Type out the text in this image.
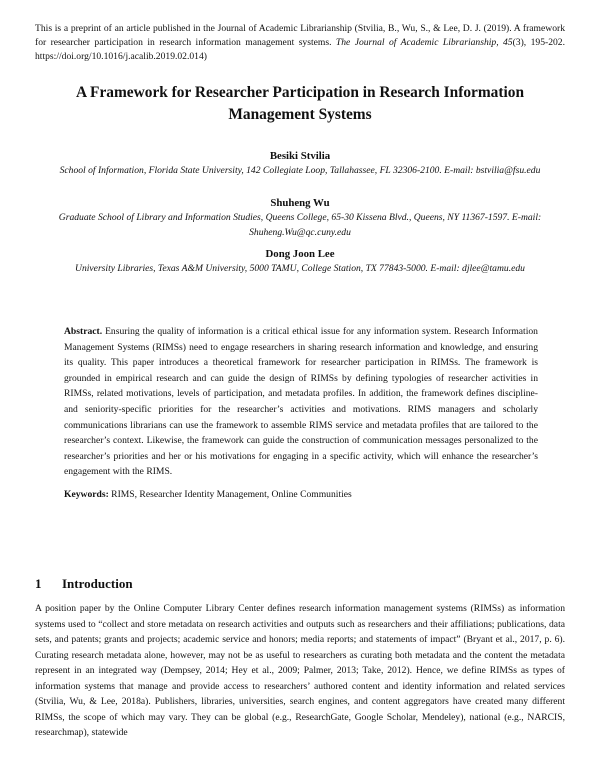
This is a preprint of an article published in the Journal of Academic Librarianship (Stvilia, B., Wu, S., & Lee, D. J. (2019). A framework for researcher participation in research information management systems. The Journal of Academic Librarianship, 45(3), 195-202. https://doi.org/10.1016/j.acalib.2019.02.014)
A Framework for Researcher Participation in Research Information Management Systems
Besiki Stvilia
School of Information, Florida State University, 142 Collegiate Loop, Tallahassee, FL 32306-2100. E-mail: bstvilia@fsu.edu
Shuheng Wu
Graduate School of Library and Information Studies, Queens College, 65-30 Kissena Blvd., Queens, NY 11367-1597. E-mail: Shuheng.Wu@qc.cuny.edu
Dong Joon Lee
University Libraries, Texas A&M University, 5000 TAMU, College Station, TX 77843-5000. E-mail: djlee@tamu.edu
Abstract. Ensuring the quality of information is a critical ethical issue for any information system. Research Information Management Systems (RIMSs) need to engage researchers in sharing research information and knowledge, and ensuring its quality. This paper introduces a theoretical framework for researcher participation in RIMSs. The framework is grounded in empirical research and can guide the design of RIMSs by defining typologies of researcher activities in RIMSs, related motivations, levels of participation, and metadata profiles. In addition, the framework defines discipline- and seniority-specific priorities for the researcher’s activities and motivations. RIMS managers and scholarly communications librarians can use the framework to assemble RIMS service and metadata profiles that are tailored to the researcher’s context. Likewise, the framework can guide the construction of communication messages personalized to the researcher’s priorities and her or his motivations for engaging in a specific activity, which will enhance the researcher’s engagement with the RIMS.
Keywords: RIMS, Researcher Identity Management, Online Communities
1 Introduction
A position paper by the Online Computer Library Center defines research information management systems (RIMSs) as information systems used to “collect and store metadata on research activities and outputs such as researchers and their affiliations; publications, data sets, and patents; grants and projects; academic service and honors; media reports; and statements of impact” (Bryant et al., 2017, p. 6). Curating research metadata alone, however, may not be as useful to researchers as curating both metadata and the content the metadata represent in an integrated way (Dempsey, 2014; Hey et al., 2009; Palmer, 2013; Take, 2012). Hence, we define RIMSs as types of information systems that manage and provide access to researchers’ authored content and identity information and related services (Stvilia, Wu, & Lee, 2018a). Publishers, libraries, universities, search engines, and content aggregators have created many different RIMSs, the scope of which may vary. They can be global (e.g., ResearchGate, Google Scholar, Mendeley), national (e.g., NARCIS, researchmap), statewide
